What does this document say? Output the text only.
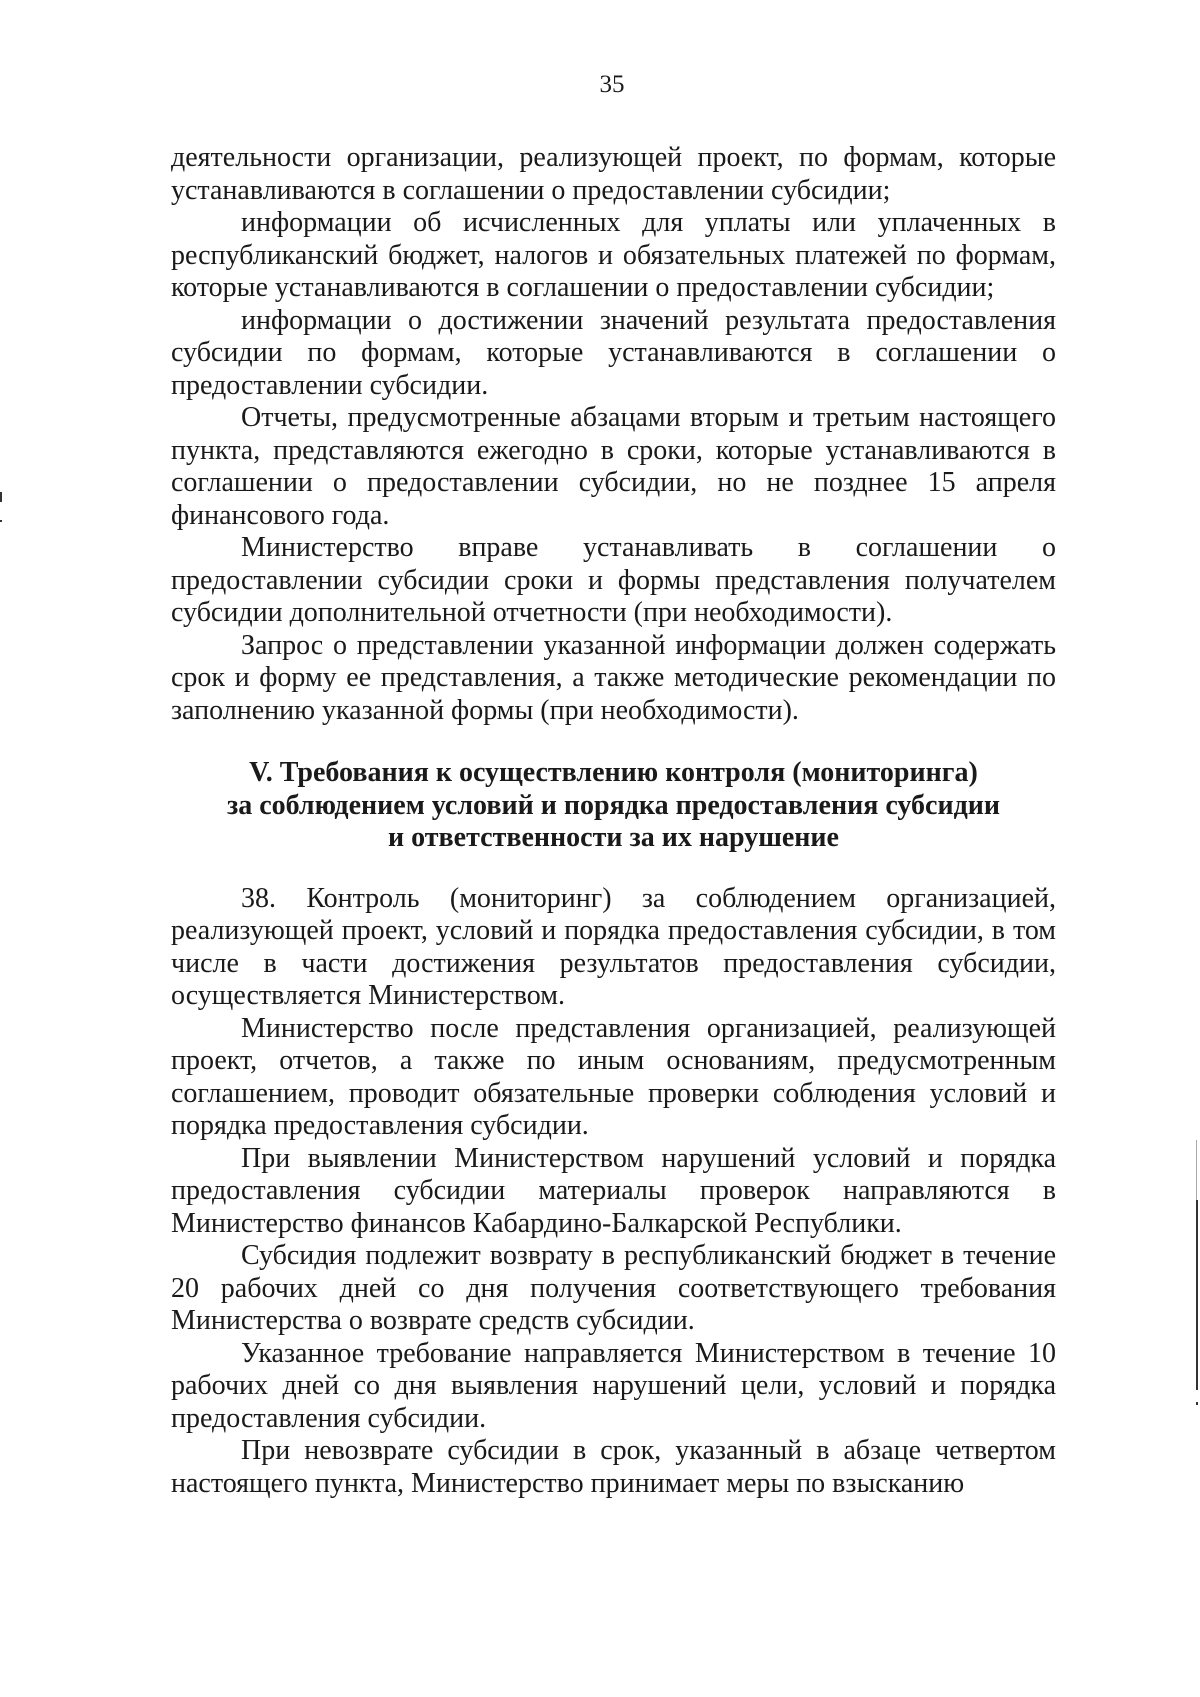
35

деятельности организации, реализующей проект, по формам, которые устанавливаются в соглашении о предоставлении субсидии;

информации об исчисленных для уплаты или уплаченных в республиканский бюджет, налогов и обязательных платежей по формам, которые устанавливаются в соглашении о предоставлении субсидии;

информации о достижении значений результата предоставления субсидии по формам, которые устанавливаются в соглашении о предоставлении субсидии.

Отчеты, предусмотренные абзацами вторым и третьим настоящего пункта, представляются ежегодно в сроки, которые устанавливаются в соглашении о предоставлении субсидии, но не позднее 15 апреля финансового года.

Министерство вправе устанавливать в соглашении о предоставлении субсидии сроки и формы представления получателем субсидии дополнительной отчетности (при необходимости).

Запрос о представлении указанной информации должен содержать срок и форму ее представления, а также методические рекомендации по заполнению указанной формы (при необходимости).

V. Требования к осуществлению контроля (мониторинга)
за соблюдением условий и порядка предоставления субсидии
и ответственности за их нарушение

38. Контроль (мониторинг) за соблюдением организацией, реализующей проект, условий и порядка предоставления субсидии, в том числе в части достижения результатов предоставления субсидии, осуществляется Министерством.

Министерство после представления организацией, реализующей проект, отчетов, а также по иным основаниям, предусмотренным соглашением, проводит обязательные проверки соблюдения условий и порядка предоставления субсидии.

При выявлении Министерством нарушений условий и порядка предоставления субсидии материалы проверок направляются в Министерство финансов Кабардино-Балкарской Республики.

Субсидия подлежит возврату в республиканский бюджет в течение 20 рабочих дней со дня получения соответствующего требования Министерства о возврате средств субсидии.

Указанное требование направляется Министерством в течение 10 рабочих дней со дня выявления нарушений цели, условий и порядка предоставления субсидии.

При невозврате субсидии в срок, указанный в абзаце четвертом настоящего пункта, Министерство принимает меры по взысканию
